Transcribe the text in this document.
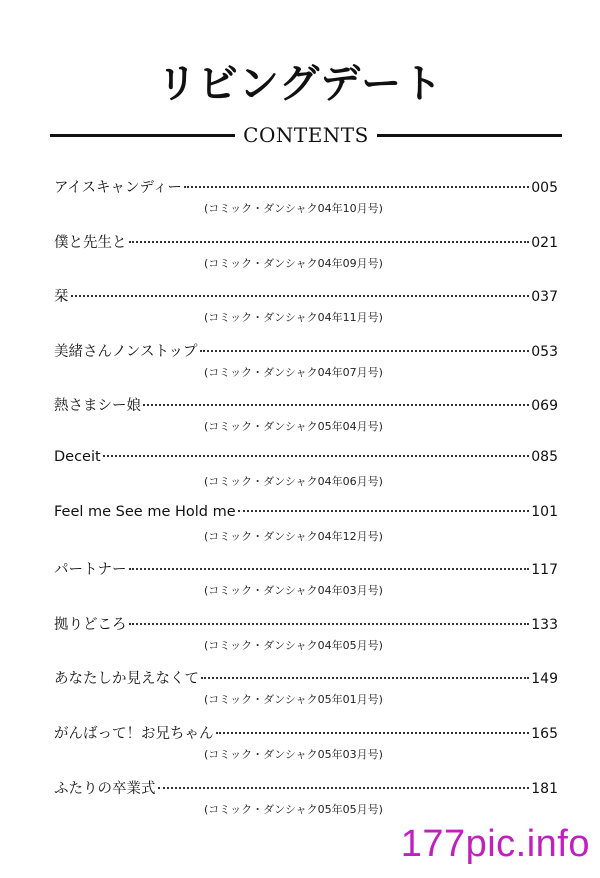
リビングデート
CONTENTS
アイスキャンディー	005
(コミック・ダンシャク04年10月号)
僕と先生と	021
(コミック・ダンシャク04年09月号)
栞	037
(コミック・ダンシャク04年11月号)
美緒さんノンストップ	053
(コミック・ダンシャク04年07月号)
熱さまシー娘	069
(コミック・ダンシャク05年04月号)
Deceit	085
(コミック・ダンシャク04年06月号)
Feel me See me Hold me	101
(コミック・ダンシャク04年12月号)
パートナー	117
(コミック・ダンシャク04年03月号)
拠りどころ	133
(コミック・ダンシャク04年05月号)
あなたしか見えなくて	149
(コミック・ダンシャク05年01月号)
がんばって！お兄ちゃん	165
(コミック・ダンシャク05年03月号)
ふたりの卒業式	181
(コミック・ダンシャク05年05月号)
177pic.info
